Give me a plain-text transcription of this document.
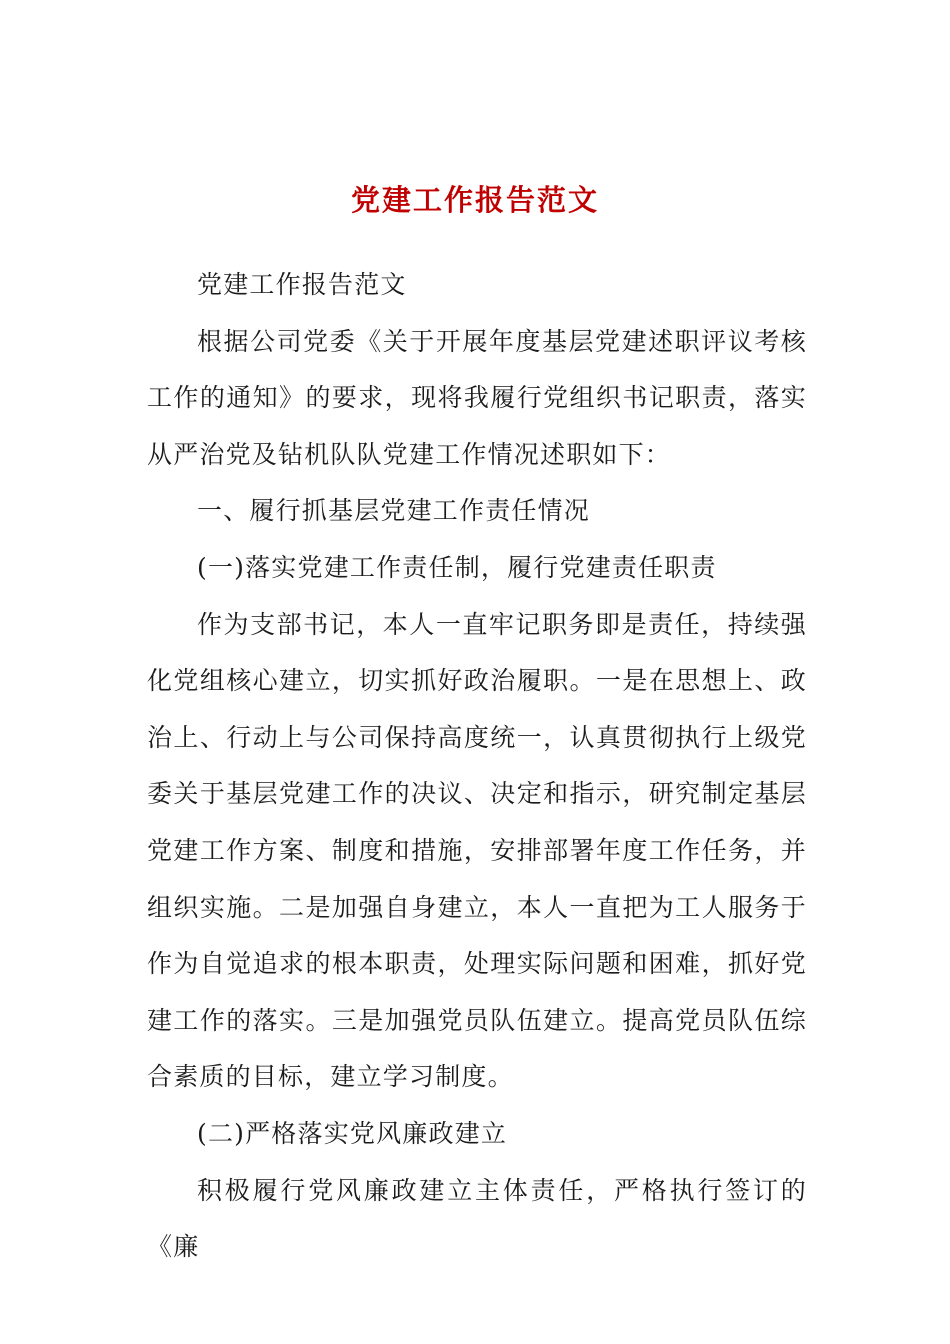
党建工作报告范文

党建工作报告范文

根据公司党委《关于开展年度基层党建述职评议考核工作的通知》的要求，现将我履行党组织书记职责，落实从严治党及钻机队队党建工作情况述职如下：

一、履行抓基层党建工作责任情况

(一)落实党建工作责任制，履行党建责任职责

作为支部书记，本人一直牢记职务即是责任，持续强化党组核心建立，切实抓好政治履职。一是在思想上、政治上、行动上与公司保持高度统一，认真贯彻执行上级党委关于基层党建工作的决议、决定和指示，研究制定基层党建工作方案、制度和措施，安排部署年度工作任务，并组织实施。二是加强自身建立，本人一直把为工人服务于作为自觉追求的根本职责，处理实际问题和困难，抓好党建工作的落实。三是加强党员队伍建立。提高党员队伍综合素质的目标，建立学习制度。

(二)严格落实党风廉政建立

积极履行党风廉政建立主体责任，严格执行签订的《廉
